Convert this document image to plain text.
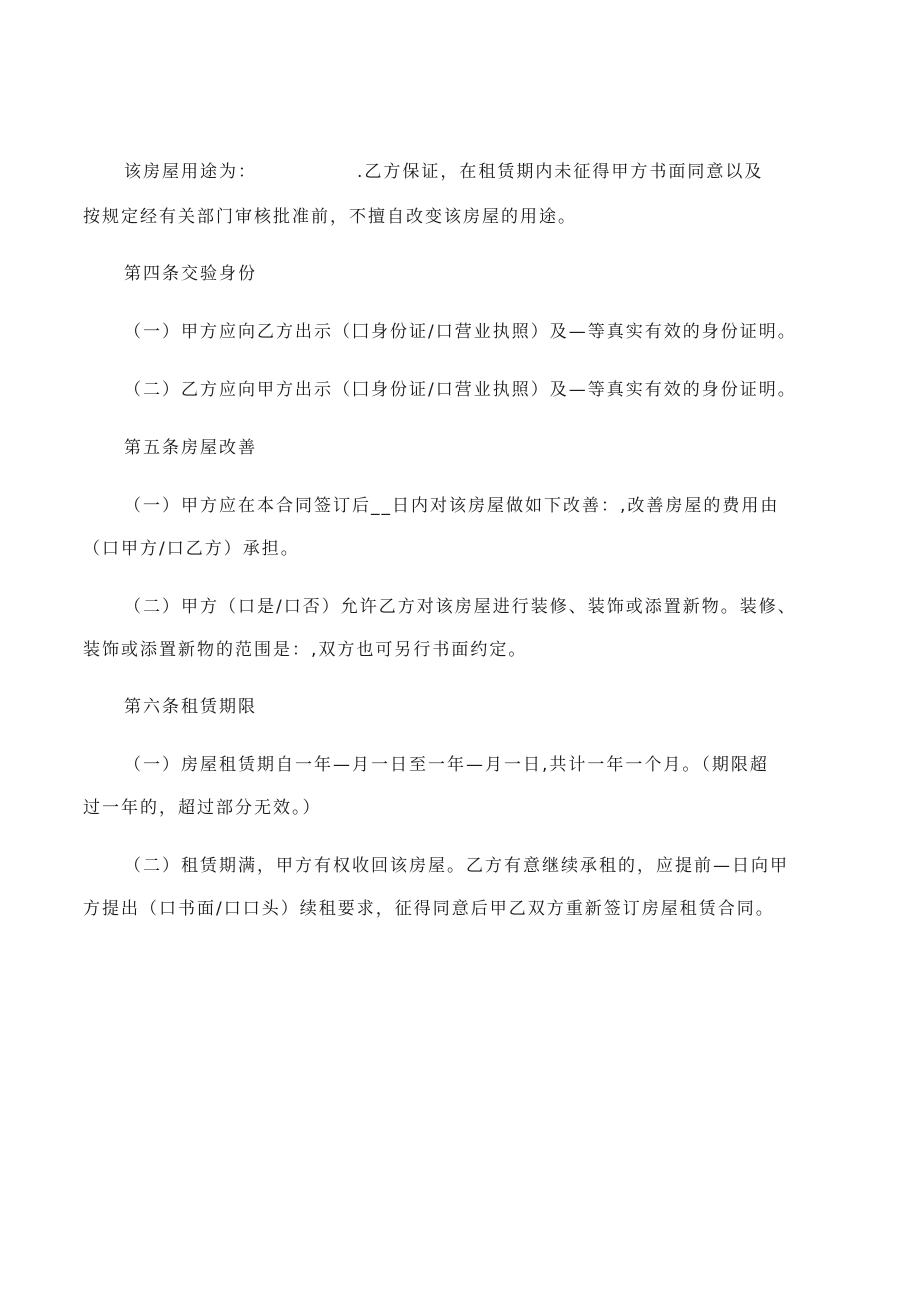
该房屋用途为：	.乙方保证，在租赁期内未征得甲方书面同意以及
按规定经有关部门审核批准前，不擅自改变该房屋的用途。
第四条交验身份
（一）甲方应向乙方出示（囗身份证/口营业执照）及—等真实有效的身份证明。
（二）乙方应向甲方出示（囗身份证/口营业执照）及—等真实有效的身份证明。
第五条房屋改善
（一）甲方应在本合同签订后__日内对该房屋做如下改善：,改善房屋的费用由
（口甲方/口乙方）承担。
（二）甲方（口是/口否）允许乙方对该房屋进行装修、装饰或添置新物。装修、
装饰或添置新物的范围是：,双方也可另行书面约定。
第六条租赁期限
（一）房屋租赁期自一年—月一日至一年—月一日,共计一年一个月。（期限超
过一年的，超过部分无效。）
（二）租赁期满，甲方有权收回该房屋。乙方有意继续承租的，应提前—日向甲
方提出（口书面/口口头）续租要求，征得同意后甲乙双方重新签订房屋租赁合同。
